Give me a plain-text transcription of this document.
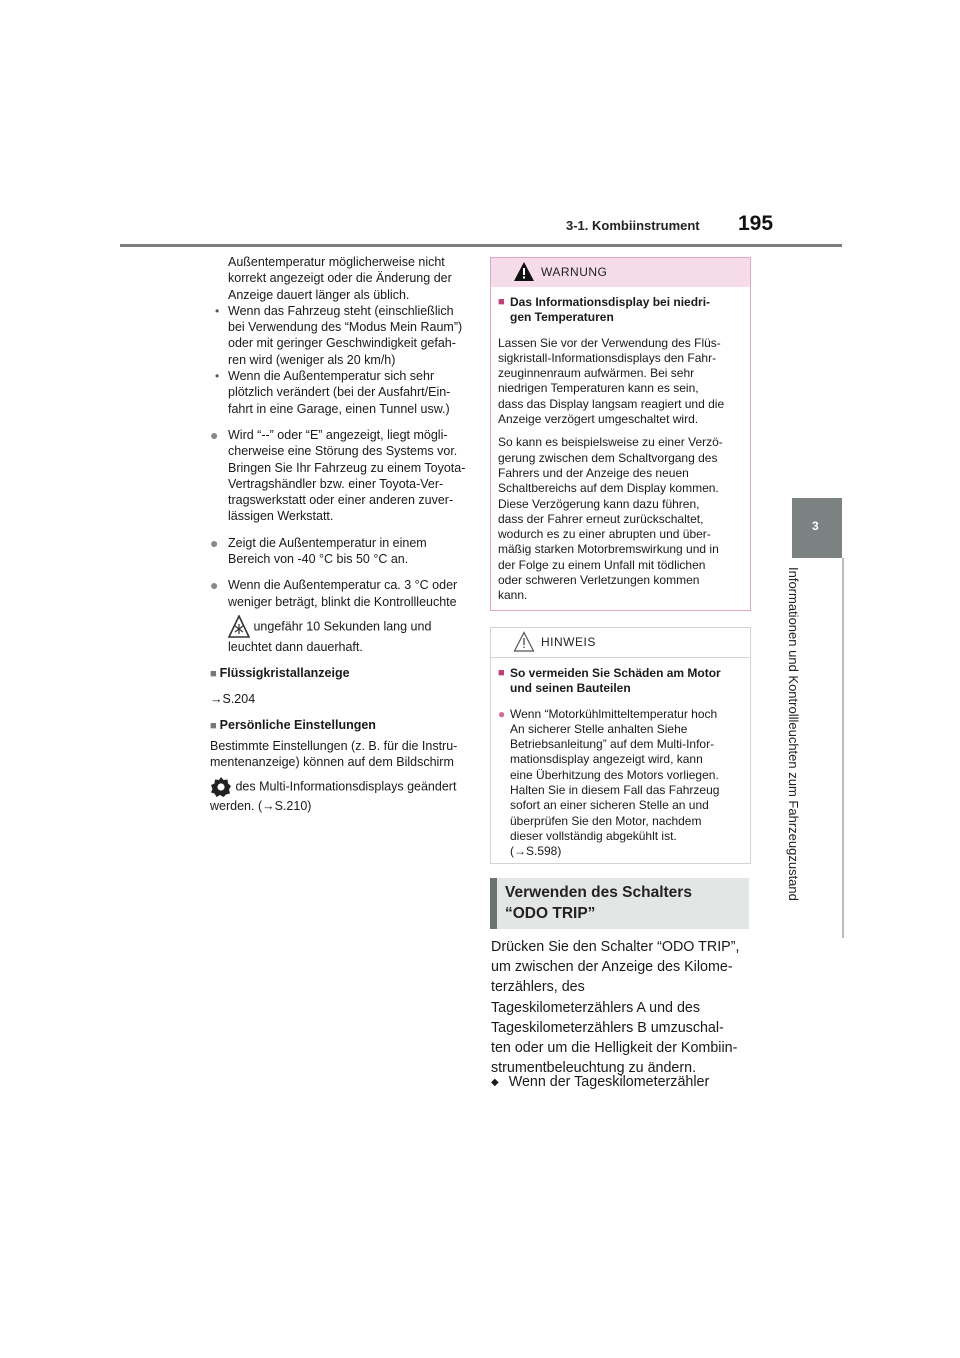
3-1. Kombiinstrument 195
3
Informationen und Kontrollleuchten zum Fahrzeugzustand

Außentemperatur möglicherweise nicht

korrekt angezeigt oder die Änderung der

Anzeige dauert länger als üblich.

• Wenn das Fahrzeug steht (einschließlich

bei Verwendung des “Modus Mein Raum”)

oder mit geringer Geschwindigkeit gefah-

ren wird (weniger als 20 km/h)

• Wenn die Außentemperatur sich sehr

plötzlich verändert (bei der Ausfahrt/Ein-

fahrt in eine Garage, einen Tunnel usw.)

● Wird “--” oder “E” angezeigt, liegt mögli-

cherweise eine Störung des Systems vor.

Bringen Sie Ihr Fahrzeug zu einem Toyota-

Vertragshändler bzw. einer Toyota-Ver-

tragswerkstatt oder einer anderen zuver-

lässigen Werkstatt.

● Zeigt die Außentemperatur in einem

Bereich von -40 °C bis 50 °C an.

● Wenn die Außentemperatur ca. 3 °C oder

weniger beträgt, blinkt die Kontrollleuchte

ungefähr 10 Sekunden lang und

leuchtet dann dauerhaft.

■ Flüssigkristallanzeige

→S.204

■ Persönliche Einstellungen

Bestimmte Einstellungen (z. B. für die Instru-

mentenanzeige) können auf dem Bildschirm

des Multi-Informationsdisplays geändert

werden. (→S.210)

WARNUNG
■ Das Informationsdisplay bei niedri-
gen Temperaturen

Lassen Sie vor der Verwendung des Flüs-
sigkristall-Informationsdisplays den Fahr-
zeuginnenraum aufwärmen. Bei sehr
niedrigen Temperaturen kann es sein,
dass das Display langsam reagiert und die
Anzeige verzögert umgeschaltet wird.

So kann es beispielsweise zu einer Verzö-
gerung zwischen dem Schaltvorgang des
Fahrers und der Anzeige des neuen
Schaltbereichs auf dem Display kommen.
Diese Verzögerung kann dazu führen,
dass der Fahrer erneut zurückschaltet,
wodurch es zu einer abrupten und über-
mäßig starken Motorbremswirkung und in
der Folge zu einem Unfall mit tödlichen
oder schweren Verletzungen kommen
kann.

HINWEIS
■ So vermeiden Sie Schäden am Motor
und seinen Bauteilen
● Wenn “Motorkühlmitteltemperatur hoch
An sicherer Stelle anhalten Siehe
Betriebsanleitung” auf dem Multi-Infor-
mationsdisplay angezeigt wird, kann
eine Überhitzung des Motors vorliegen.
Halten Sie in diesem Fall das Fahrzeug
sofort an einer sicheren Stelle an und
überprüfen Sie den Motor, nachdem
dieser vollständig abgekühlt ist.
(→S.598)
Verwenden des Schalters
“ODO TRIP”

Drücken Sie den Schalter “ODO TRIP”,

um zwischen der Anzeige des Kilome-

terzählers, des

Tageskilometerzählers A und des

Tageskilometerzählers B umzuschal-

ten oder um die Helligkeit der Kombiin-

strumentbeleuchtung zu ändern.

◆ Wenn der Tageskilometerzähler
